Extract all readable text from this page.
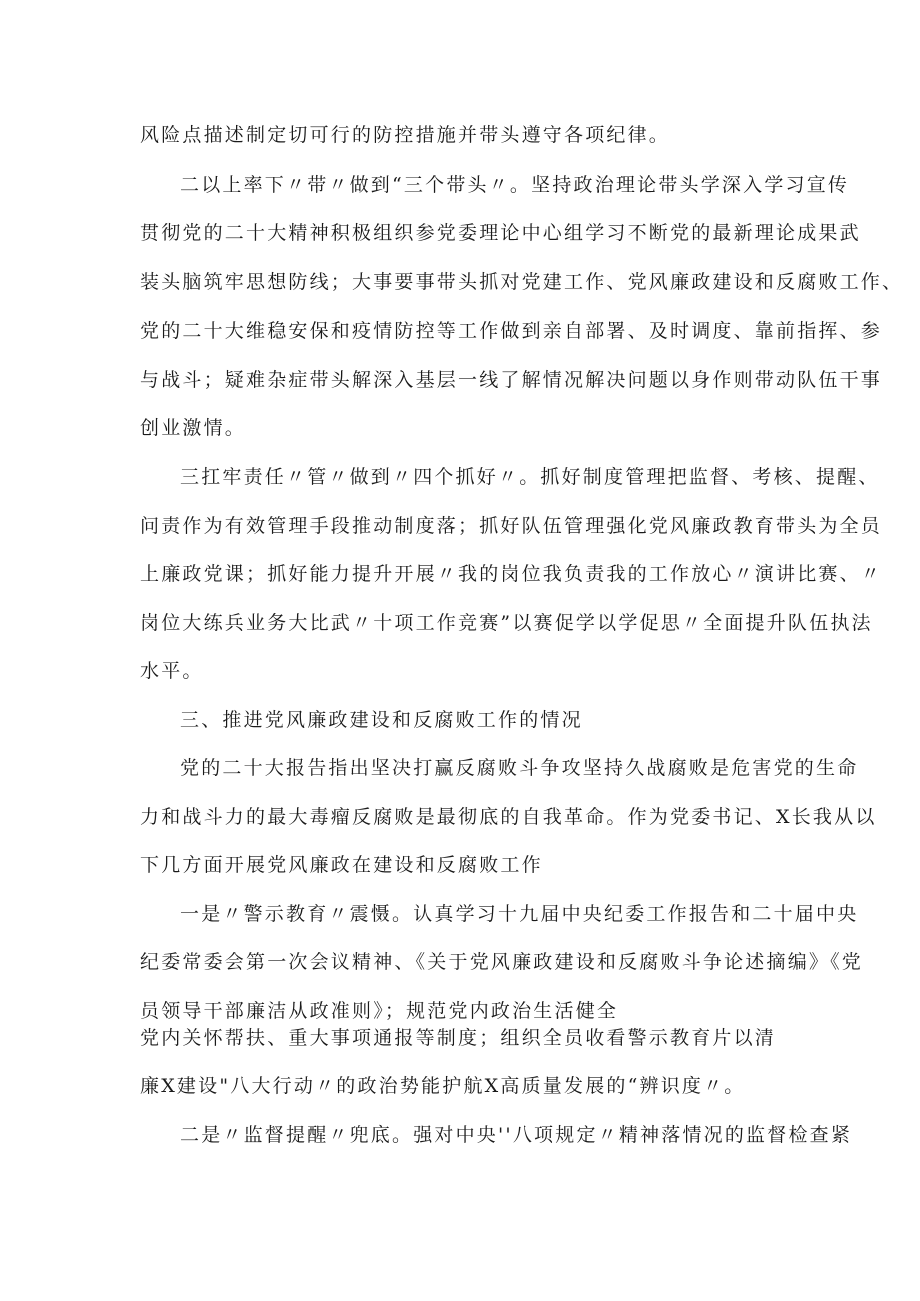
风险点描述制定切可行的防控措施并带头遵守各项纪律。
二以上率下〃带〃做到“三个带头〃。坚持政治理论带头学深入学习宣传
贯彻党的二十大精神积极组织参党委理论中心组学习不断党的最新理论成果武
装头脑筑牢思想防线；大事要事带头抓对党建工作、党风廉政建设和反腐败工作、
党的二十大维稳安保和疫情防控等工作做到亲自部署、及时调度、靠前指挥、参
与战斗；疑难杂症带头解深入基层一线了解情况解决问题以身作则带动队伍干事
创业激情。
三扛牢责任〃管〃做到〃四个抓好〃。抓好制度管理把监督、考核、提醒、
问责作为有效管理手段推动制度落；抓好队伍管理强化党风廉政教育带头为全员
上廉政党课；抓好能力提升开展〃我的岗位我负责我的工作放心〃演讲比赛、〃
岗位大练兵业务大比武〃十项工作竞赛”以赛促学以学促思〃全面提升队伍执法
水平。
三、推进党风廉政建设和反腐败工作的情况
党的二十大报告指出坚决打赢反腐败斗争攻坚持久战腐败是危害党的生命
力和战斗力的最大毒瘤反腐败是最彻底的自我革命。作为党委书记、X长我从以
下几方面开展党风廉政在建设和反腐败工作
一是〃警示教育〃震慑。认真学习十九届中央纪委工作报告和二十届中央
纪委常委会第一次会议精神、《关于党风廉政建设和反腐败斗争论述摘编》《党
员领导干部廉洁从政准则》；规范党内政治生活健全
党内关怀帮扶、重大事项通报等制度；组织全员收看警示教育片以清
廉X建设"八大行动〃的政治势能护航X高质量发展的“辨识度〃。
二是〃监督提醒〃兜底。强对中央''八项规定〃精神落情况的监督检查紧
